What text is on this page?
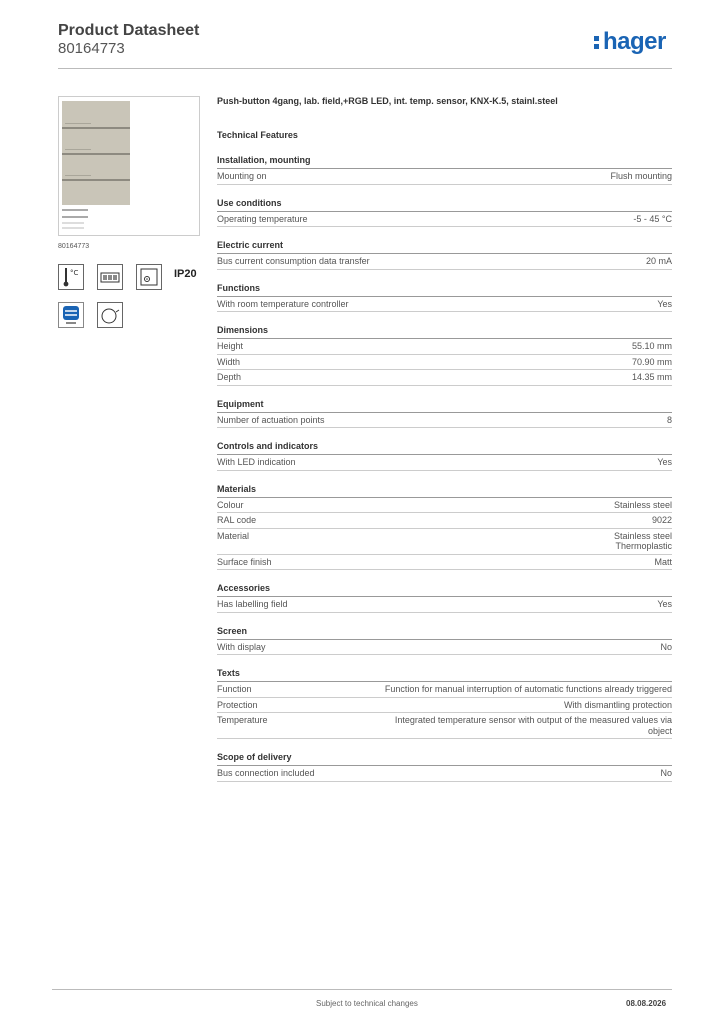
Product Datasheet
80164773	hager
80164773
°C	IP20
Push-button 4gang, lab. field,+RGB LED, int. temp. sensor, KNX-K.5, stainl.steel
Technical Features
Installation, mounting
Mounting on	Flush mounting
Use conditions
Operating temperature	-5 - 45 °C
Electric current
Bus current consumption data transfer	20 mA
Functions
With room temperature controller	Yes
Dimensions
Height	55.10 mm
Width	70.90 mm
Depth	14.35 mm
Equipment
Number of actuation points	8
Controls and indicators
With LED indication	Yes
Materials
Colour	Stainless steel
RAL code	9022
Material	Stainless steel
Thermoplastic
Surface finish	Matt
Accessories
Has labelling field	Yes
Screen
With display	No
Texts
Function	Function for manual interruption of automatic functions already triggered
Protection	With dismantling protection
Temperature	Integrated temperature sensor with output of the measured values via object
Scope of delivery
Bus connection included	No
Subject to technical changes	08.08.2026
